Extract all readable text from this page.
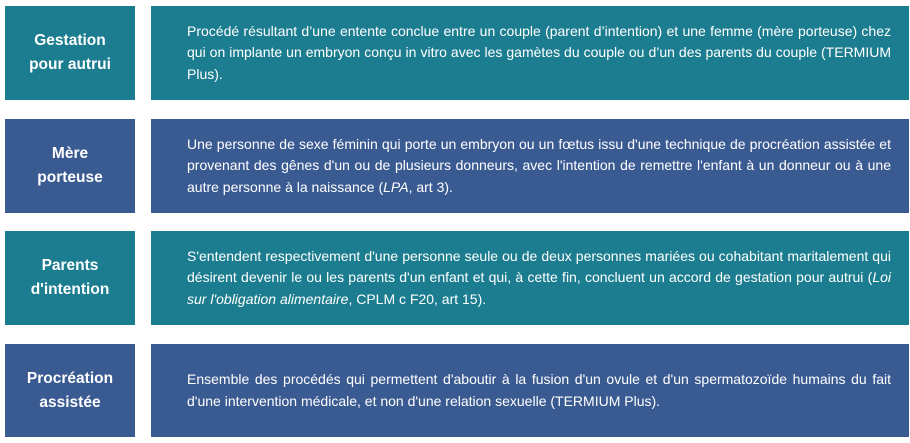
Gestation
pour autrui

Procédé résultant d’une entente conclue entre un couple (parent d’intention) et une femme (mère porteuse) chez qui on implante un embryon conçu in vitro avec les gamètes du couple ou d’un des parents du couple (TERMIUM Plus).

Mère
porteuse

Une personne de sexe féminin qui porte un embryon ou un fœtus issu d'une technique de procréation assistée et provenant des gênes d'un ou de plusieurs donneurs, avec l'intention de remettre l'enfant à un donneur ou à une autre personne à la naissance (LPA, art 3).

Parents
d'intention

S'entendent respectivement d'une personne seule ou de deux personnes mariées ou cohabitant maritalement qui désirent devenir le ou les parents d'un enfant et qui, à cette fin, concluent un accord de gestation pour autrui (Loi sur l'obligation alimentaire, CPLM c F20, art 15).

Procréation
assistée

Ensemble des procédés qui permettent d'aboutir à la fusion d'un ovule et d'un spermatozoïde humains du fait d'une intervention médicale, et non d'une relation sexuelle (TERMIUM Plus).
